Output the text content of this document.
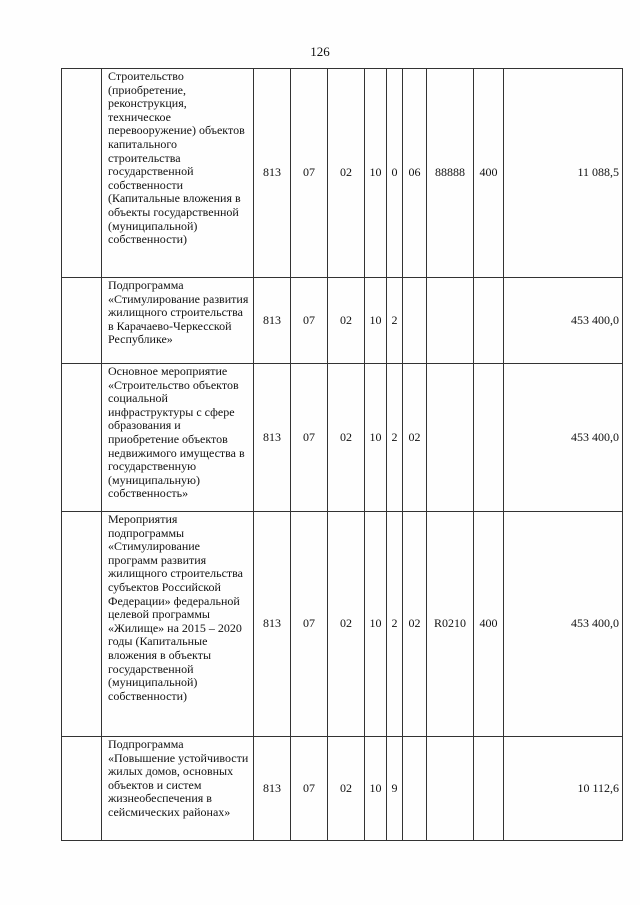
126
	Строительство (приобретение, реконструкция, техническое перевооружение) объектов капитального строительства государственной собственности (Капитальные вложения в объекты государственной (муниципальной) собственности)	813	07	02	10	0	06	88888	400	11 088,5
	Подпрограмма «Стимулирование развития жилищного строительства в Карачаево-Черкесской Республике»	813	07	02	10	2				453 400,0
	Основное мероприятие «Строительство объектов социальной инфраструктуры с сфере образования и приобретение объектов недвижимого имущества в государственную (муниципальную) собственность»	813	07	02	10	2	02			453 400,0
	Мероприятия подпрограммы «Стимулирование программ развития жилищного строительства субъектов Российской Федерации» федеральной целевой программы «Жилище» на 2015 – 2020 годы (Капитальные вложения в объекты государственной (муниципальной) собственности)	813	07	02	10	2	02	R0210	400	453 400,0
	Подпрограмма «Повышение устойчивости жилых домов, основных объектов и систем жизнеобеспечения в сейсмических районах»	813	07	02	10	9				10 112,6
